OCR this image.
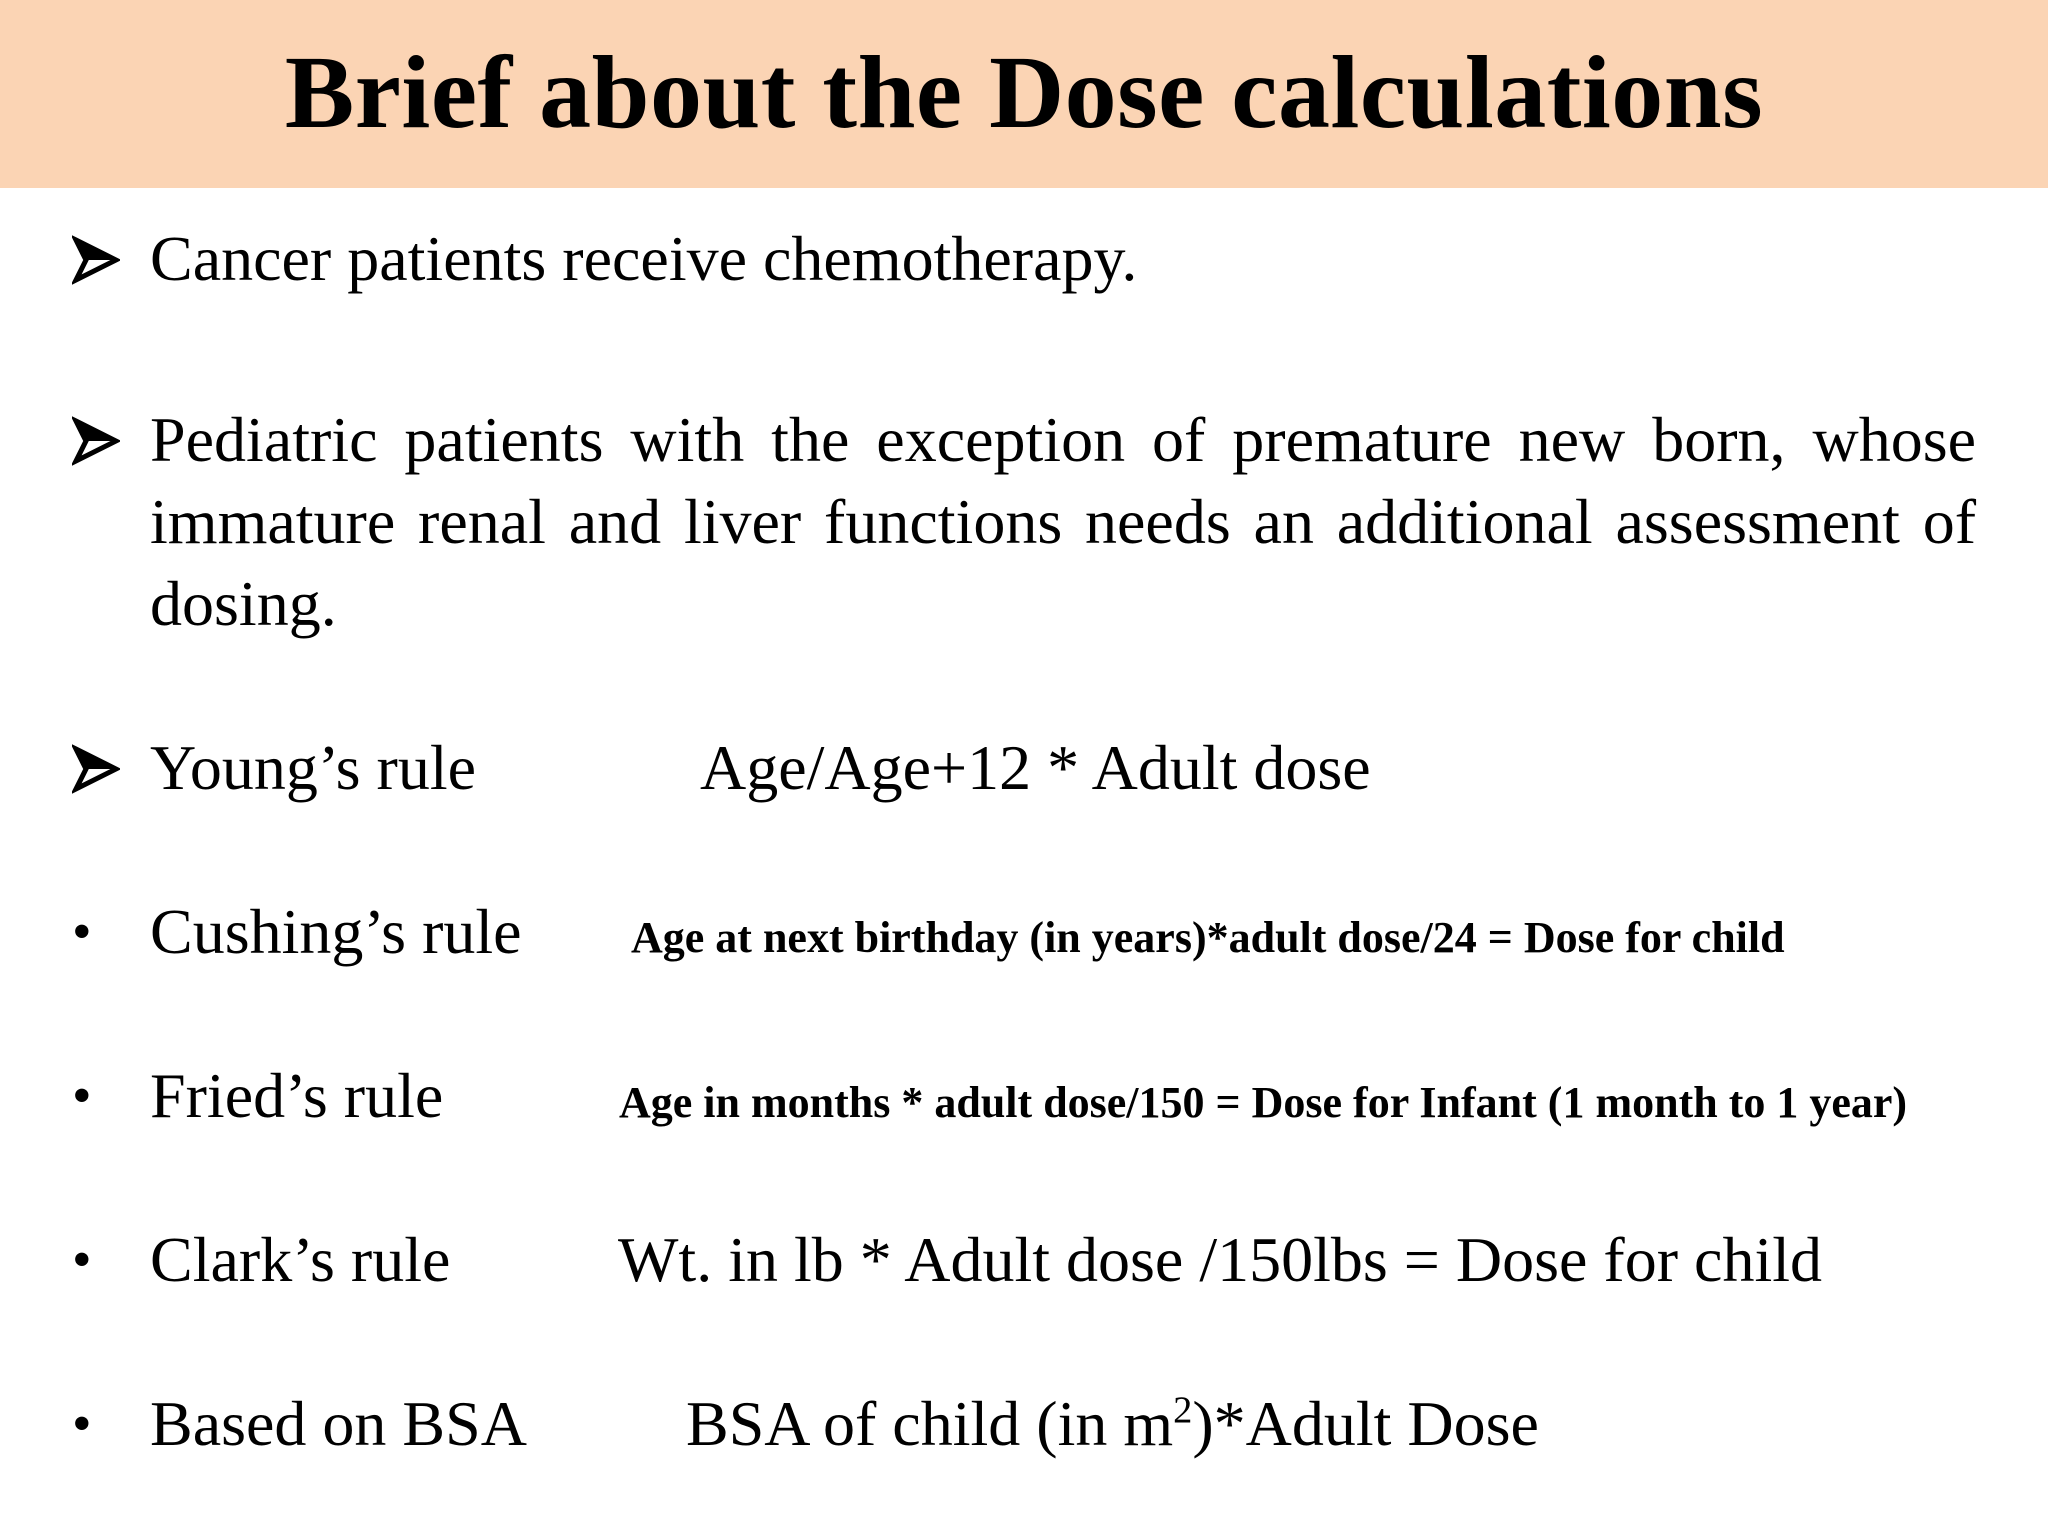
Brief about the Dose calculations
Cancer patients receive chemotherapy.
Pediatric patients with the exception of premature new born, whose immature renal and liver functions needs an additional assessment of dosing.
Young’s rule	Age/Age+12 * Adult dose
• Cushing’s rule Age at next birthday (in years)*adult dose/24 = Dose for child
• Fried’s rule	Age in months * adult dose/150 = Dose for Infant (1 month to 1 year)
• Clark’s rule	Wt. in lb * Adult dose /150lbs = Dose for child
• Based on BSA BSA of child (in $m^2)*Adult$ Dose
